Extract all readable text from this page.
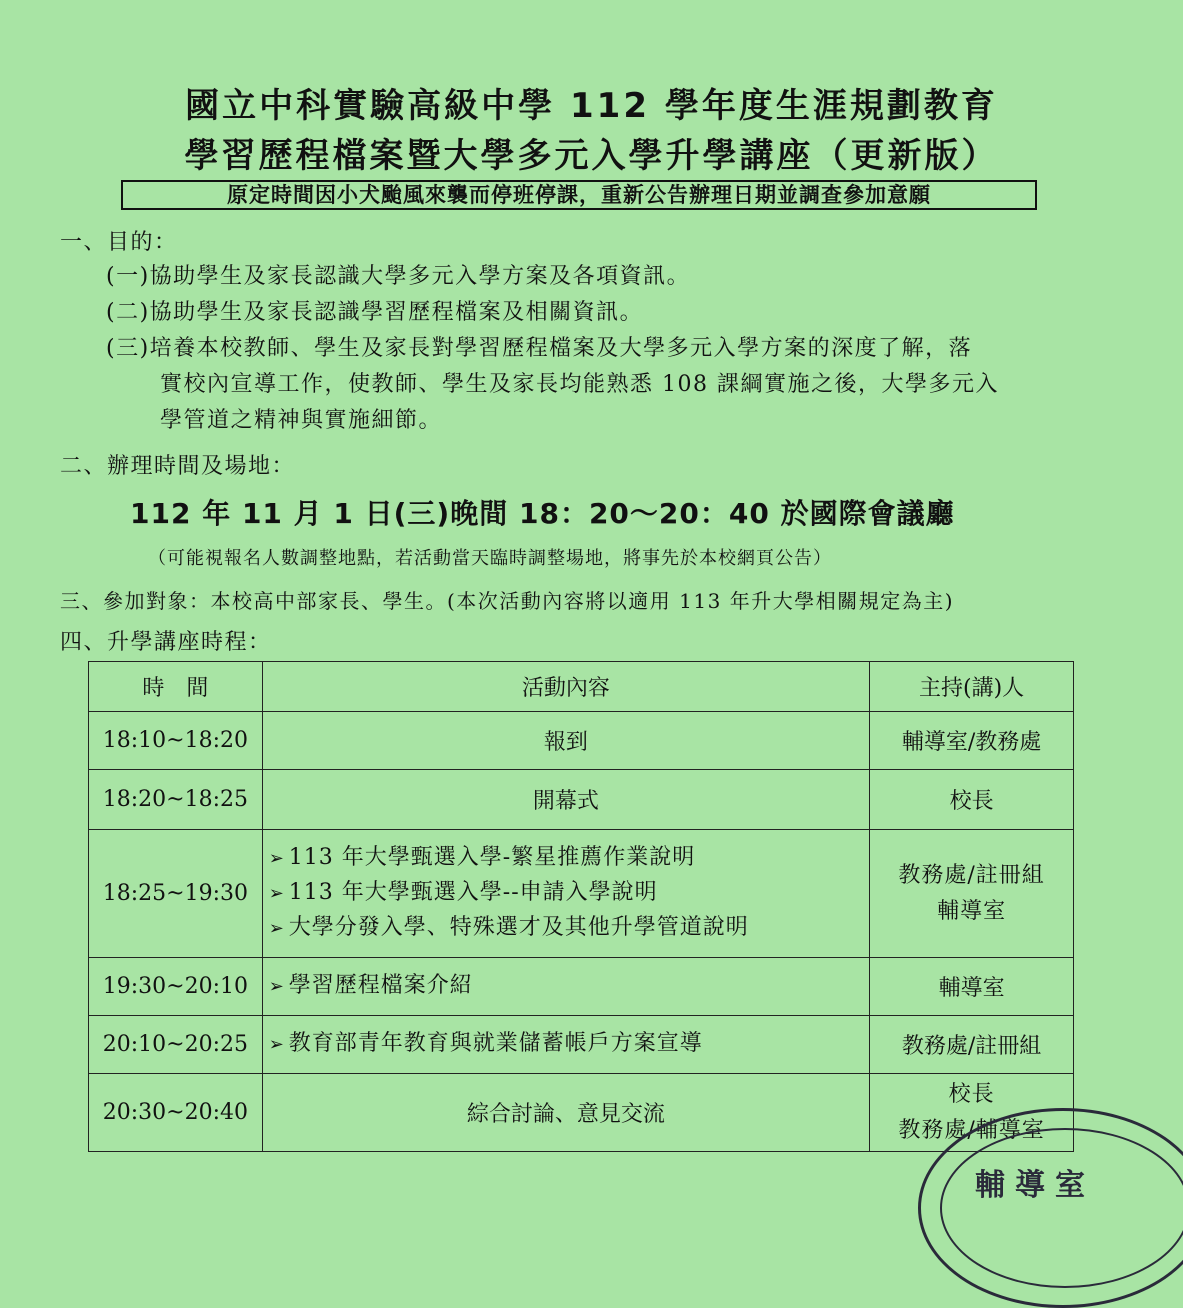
國立中科實驗高級中學 112 學年度生涯規劃教育
學習歷程檔案暨大學多元入學升學講座（更新版）
原定時間因小犬颱風來襲而停班停課，重新公告辦理日期並調查參加意願
一、目的：
(一)協助學生及家長認識大學多元入學方案及各項資訊。
(二)協助學生及家長認識學習歷程檔案及相關資訊。
(三)培養本校教師、學生及家長對學習歷程檔案及大學多元入學方案的深度了解，落
實校內宣導工作，使教師、學生及家長均能熟悉 108 課綱實施之後，大學多元入
學管道之精神與實施細節。
二、辦理時間及場地：
112 年 11 月 1 日(三)晚間 18：20～20：40 於國際會議廳
（可能視報名人數調整地點，若活動當天臨時調整場地，將事先於本校網頁公告）
三、參加對象：本校高中部家長、學生。(本次活動內容將以適用 113 年升大學相關規定為主)
四、升學講座時程：
時　間	活動內容	主持(講)人
18:10~18:20	報到	輔導室/教務處
18:20~18:25	開幕式	校長
18:25~19:30	➢ 113 年大學甄選入學-繁星推薦作業說明
➢ 113 年大學甄選入學--申請入學說明
➢ 大學分發入學、特殊選才及其他升學管道說明	教務處/註冊組
輔導室

19:30~20:10	➢ 學習歷程檔案介紹	輔導室
20:10~20:25	➢ 教育部青年教育與就業儲蓄帳戶方案宣導	教務處/註冊組
20:30~20:40	綜合討論、意見交流	校長
教務處/輔導室
輔導室
